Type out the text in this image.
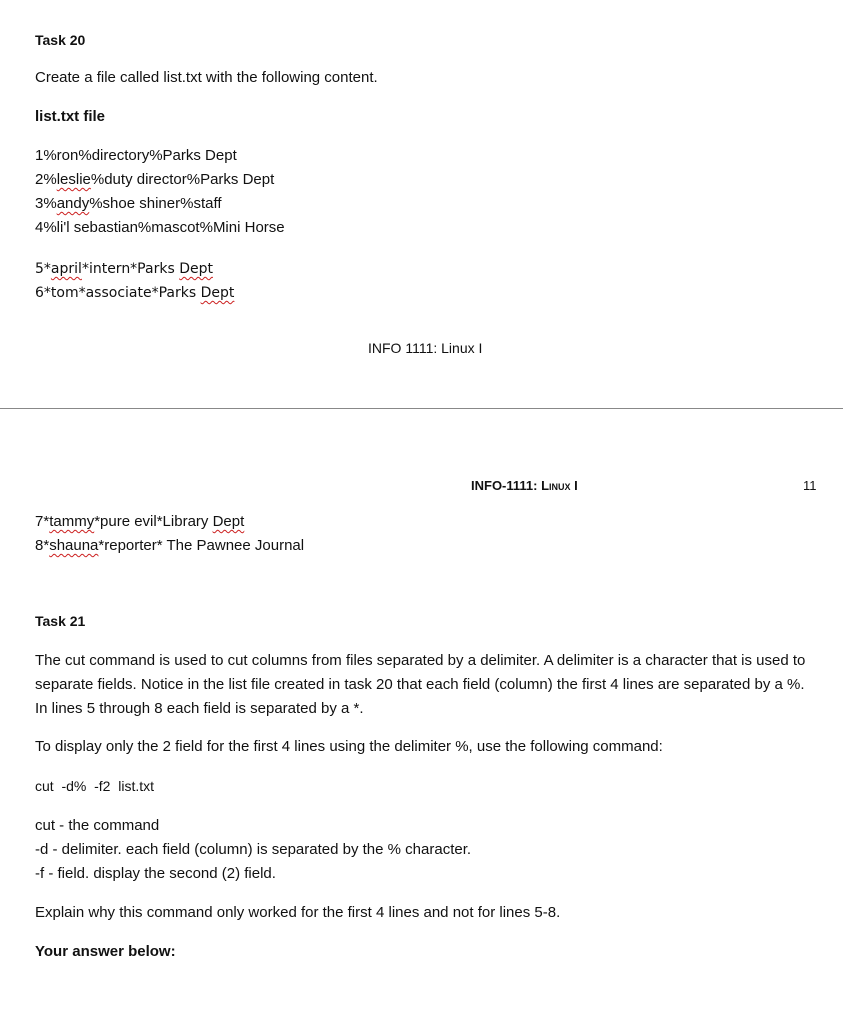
Task 20
Create a file called list.txt with the following content.
list.txt file
1%ron%directory%Parks Dept
2%leslie%duty director%Parks Dept
3%andy%shoe shiner%staff
4%li'l sebastian%mascot%Mini Horse
5*april*intern*Parks Dept
6*tom*associate*Parks Dept
INFO 1111: Linux I
INFO-1111: Linux I	11
7*tammy*pure evil*Library Dept
8*shauna*reporter* The Pawnee Journal
Task 21
The cut command is used to cut columns from files separated by a delimiter. A delimiter is a character that is used to separate fields. Notice in the list file created in task 20 that each field (column) the first 4 lines are separated by a %. In lines 5 through 8 each field is separated by a *.
To display only the 2 field for the first 4 lines using the delimiter %, use the following command:
cut  -d%  -f2  list.txt
cut - the command
-d - delimiter. each field (column) is separated by the % character.
-f - field. display the second (2) field.
Explain why this command only worked for the first 4 lines and not for lines 5-8.
Your answer below:
